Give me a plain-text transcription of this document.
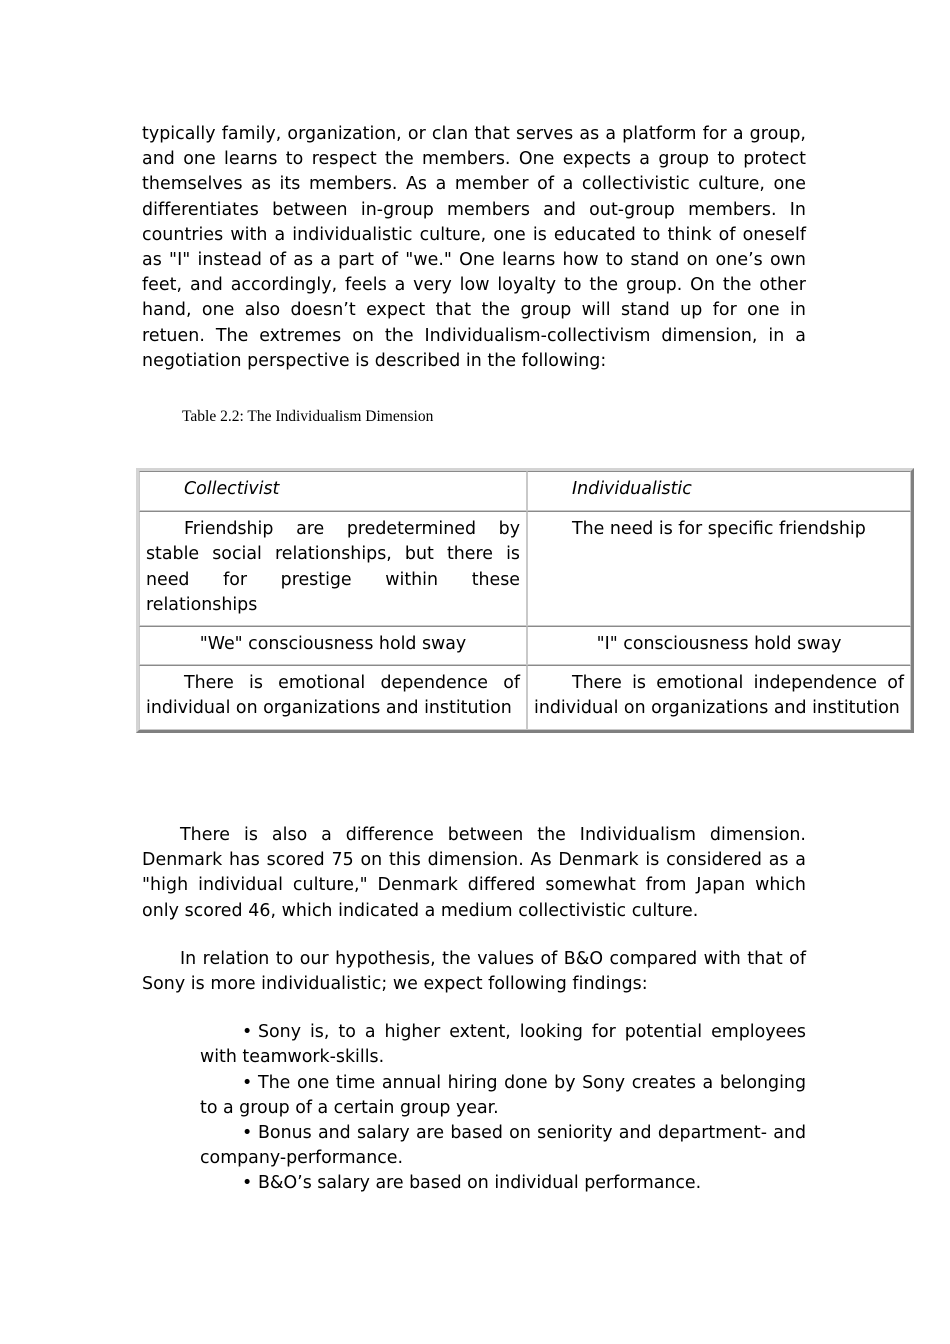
typically family, organization, or clan that serves as a platform for a group, and one learns to respect the members. One expects a group to protect themselves as its members. As a member of a collectivistic culture, one differentiates between in-group members and out-group members. In countries with a individualistic culture, one is educated to think of oneself as "I" instead of as a part of "we." One learns how to stand on one’s own feet, and accordingly, feels a very low loyalty to the group. On the other hand, one also doesn’t expect that the group will stand up for one in retuen. The extremes on the Individualism-collectivism dimension, in a negotiation perspective is described in the following:

Table 2.2: The Individualism Dimension

Collectivist	Individualistic

Friendship are predetermined by stable social relationships, but there is need for prestige within these relationships	The need is for specific friendship

"We" consciousness hold sway	"I" consciousness hold sway

There is emotional dependence of individual on organizations and institution	There is emotional independence of individual on organizations and institution

There is also a difference between the Individualism dimension. Denmark has scored 75 on this dimension. As Denmark is considered as a "high individual culture," Denmark differed somewhat from Japan which only scored 46, which indicated a medium collectivistic culture.

In relation to our hypothesis, the values of B&O compared with that of Sony is more individualistic; we expect following findings:

• Sony is, to a higher extent, looking for potential employees with teamwork-skills.
• The one time annual hiring done by Sony creates a belonging to a group of a certain group year.
• Bonus and salary are based on seniority and department- and company-performance.
• B&O’s salary are based on individual performance.
